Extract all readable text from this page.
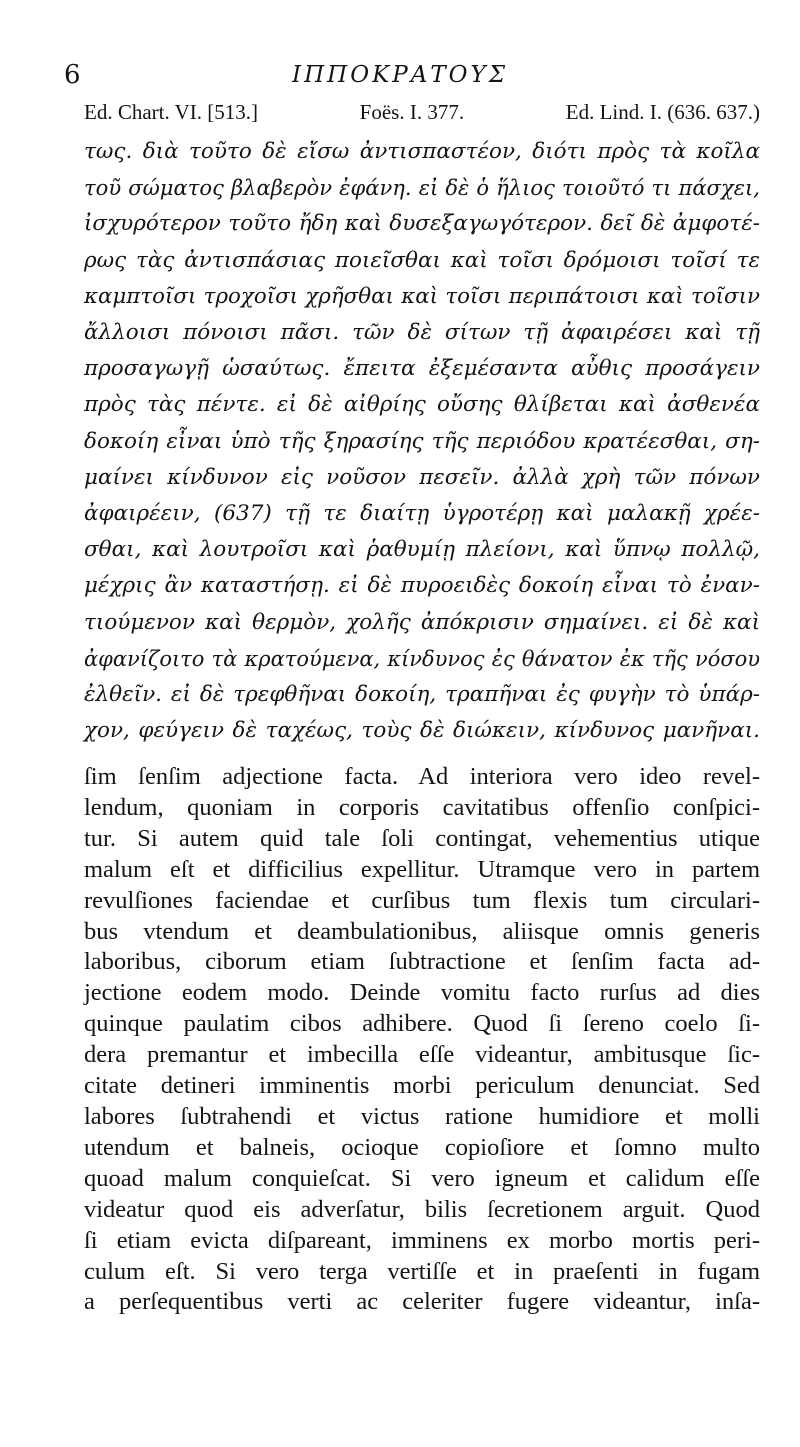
6	ΙΠΠΟΚΡΑΤΟΥΣ
Ed. Chart. VI. [513.]	Foës. I. 377.	Ed. Lind. I. (636. 637.)
τως. διὰ τοῦτο δὲ εἴσω ἀντισπαστέον, διότι πρὸς τὰ κοῖλα
τοῦ σώματος βλαβερὸν ἐφάνη. εἰ δὲ ὁ ἥλιος τοιοῦτό τι πάσχει,
ἰσχυρότερον τοῦτο ἤδη καὶ δυσεξαγωγότερον. δεῖ δὲ ἀμφοτέ-
ρως τὰς ἀντισπάσιας ποιεῖσθαι καὶ τοῖσι δρόμοισι τοῖσί τε
καμπτοῖσι τροχοῖσι χρῆσθαι καὶ τοῖσι περιπάτοισι καὶ τοῖσιν
ἄλλοισι πόνοισι πᾶσι. τῶν δὲ σίτων τῇ ἀφαιρέσει καὶ τῇ
προσαγωγῇ ὡσαύτως. ἔπειτα ἐξεμέσαντα αὖθις προσάγειν
πρὸς τὰς πέντε. εἰ δὲ αἰθρίης οὔσης θλίβεται καὶ ἀσθενέα
δοκοίη εἶναι ὑπὸ τῆς ξηρασίης τῆς περιόδου κρατέεσθαι, ση-
μαίνει κίνδυνον εἰς νοῦσον πεσεῖν. ἀλλὰ χρὴ τῶν πόνων
ἀφαιρέειν, (637) τῇ τε διαίτῃ ὑγροτέρῃ καὶ μαλακῇ χρέε-
σθαι, καὶ λουτροῖσι καὶ ῥαθυμίῃ πλείονι, καὶ ὕπνῳ πολλῷ,
μέχρις ἂν καταστήσῃ. εἰ δὲ πυροειδὲς δοκοίη εἶναι τὸ ἐναν-
τιούμενον καὶ θερμὸν, χολῆς ἀπόκρισιν σημαίνει. εἰ δὲ καὶ
ἀφανίζοιτο τὰ κρατούμενα, κίνδυνος ἐς θάνατον ἐκ τῆς νόσου
ἐλθεῖν. εἰ δὲ τρεφθῆναι δοκοίη, τραπῆναι ἐς φυγὴν τὸ ὑπάρ-
χον, φεύγειν δὲ ταχέως, τοὺς δὲ διώκειν, κίνδυνος μανῆναι.
ſim ſenſim adjectione facta. Ad interiora vero ideo revel-
lendum, quoniam in corporis cavitatibus offenſio conſpici-
tur. Si autem quid tale ſoli contingat, vehementius utique
malum eſt et difficilius expellitur. Utramque vero in partem
revulſiones faciendae et curſibus tum flexis tum circulari-
bus vtendum et deambulationibus, aliisque omnis generis
laboribus, ciborum etiam ſubtractione et ſenſim facta ad-
jectione eodem modo. Deinde vomitu facto rurſus ad dies
quinque paulatim cibos adhibere. Quod ſi ſereno coelo ſi-
dera premantur et imbecilla eſſe videantur, ambitusque ſic-
citate detineri imminentis morbi periculum denunciat. Sed
labores ſubtrahendi et victus ratione humidiore et molli
utendum et balneis, ocioque copioſiore et ſomno multo
quoad malum conquieſcat. Si vero igneum et calidum eſſe
videatur quod eis adverſatur, bilis ſecretionem arguit. Quod
ſi etiam evicta diſpareant, imminens ex morbo mortis peri-
culum eſt. Si vero terga vertiſſe et in praeſenti in fugam
a perſequentibus verti ac celeriter fugere videantur, inſa-
